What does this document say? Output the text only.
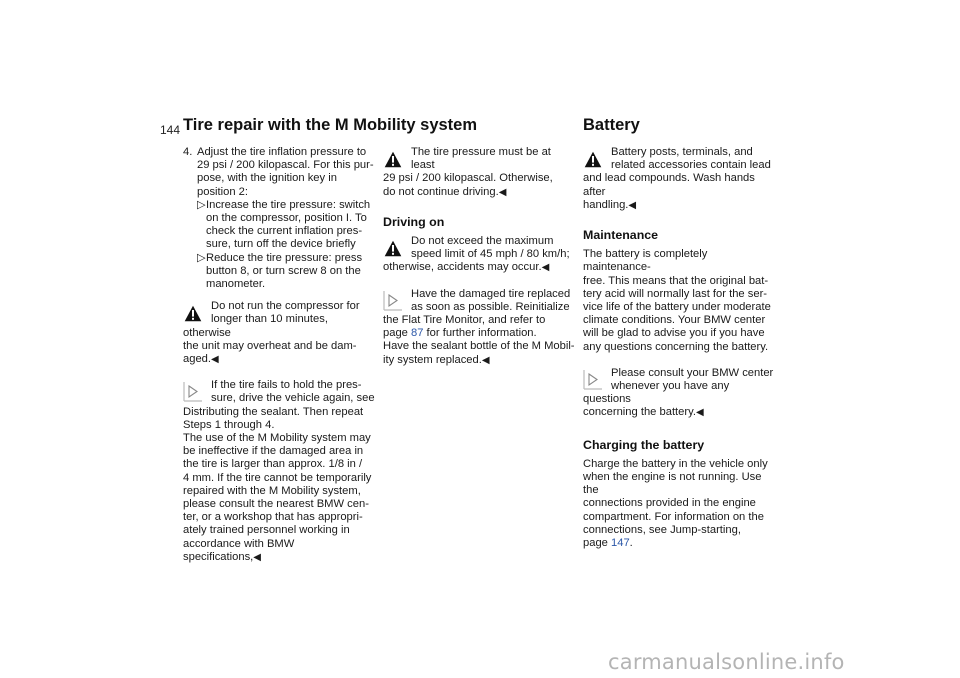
144 Tire repair with the M Mobility system	Battery
4. Adjust the tire inflation pressure to
29 psi / 200 kilopascal. For this pur-
pose, with the ignition key in
position 2:
▷ Increase the tire pressure: switch
on the compressor, position I. To
check the current inflation pres-
sure, turn off the device briefly
▷ Reduce the tire pressure: press
button 8, or turn screw 8 on the
manometer.
Do not run the compressor for
longer than 10 minutes, otherwise
the unit may overheat and be dam-
aged.◀
If the tire fails to hold the pres-
sure, drive the vehicle again, see
Distributing the sealant. Then repeat
Steps 1 through 4.
The use of the M Mobility system may
be ineffective if the damaged area in
the tire is larger than approx. 1/8 in /
4 mm. If the tire cannot be temporarily
repaired with the M Mobility system,
please consult the nearest BMW cen-
ter, or a workshop that has appropri-
ately trained personnel working in
accordance with BMW specifications,◀
The tire pressure must be at least
29 psi / 200 kilopascal. Otherwise,
do not continue driving.◀
Driving on
Do not exceed the maximum
speed limit of 45 mph / 80 km/h;
otherwise, accidents may occur.◀
Have the damaged tire replaced
as soon as possible. Reinitialize
the Flat Tire Monitor, and refer to
page 87 for further information.
Have the sealant bottle of the M Mobil-
ity system replaced.◀
Battery posts, terminals, and
related accessories contain lead
and lead compounds. Wash hands after
handling.◀
Maintenance

The battery is completely maintenance-
free. This means that the original bat-
tery acid will normally last for the ser-
vice life of the battery under moderate
climate conditions. Your BMW center
will be glad to advise you if you have
any questions concerning the battery.

Please consult your BMW center
whenever you have any questions
concerning the battery.◀
Charging the battery

Charge the battery in the vehicle only
when the engine is not running. Use the
connections provided in the engine
compartment. For information on the
connections, see Jump-starting,
page 147.

carmanualsonline.info
